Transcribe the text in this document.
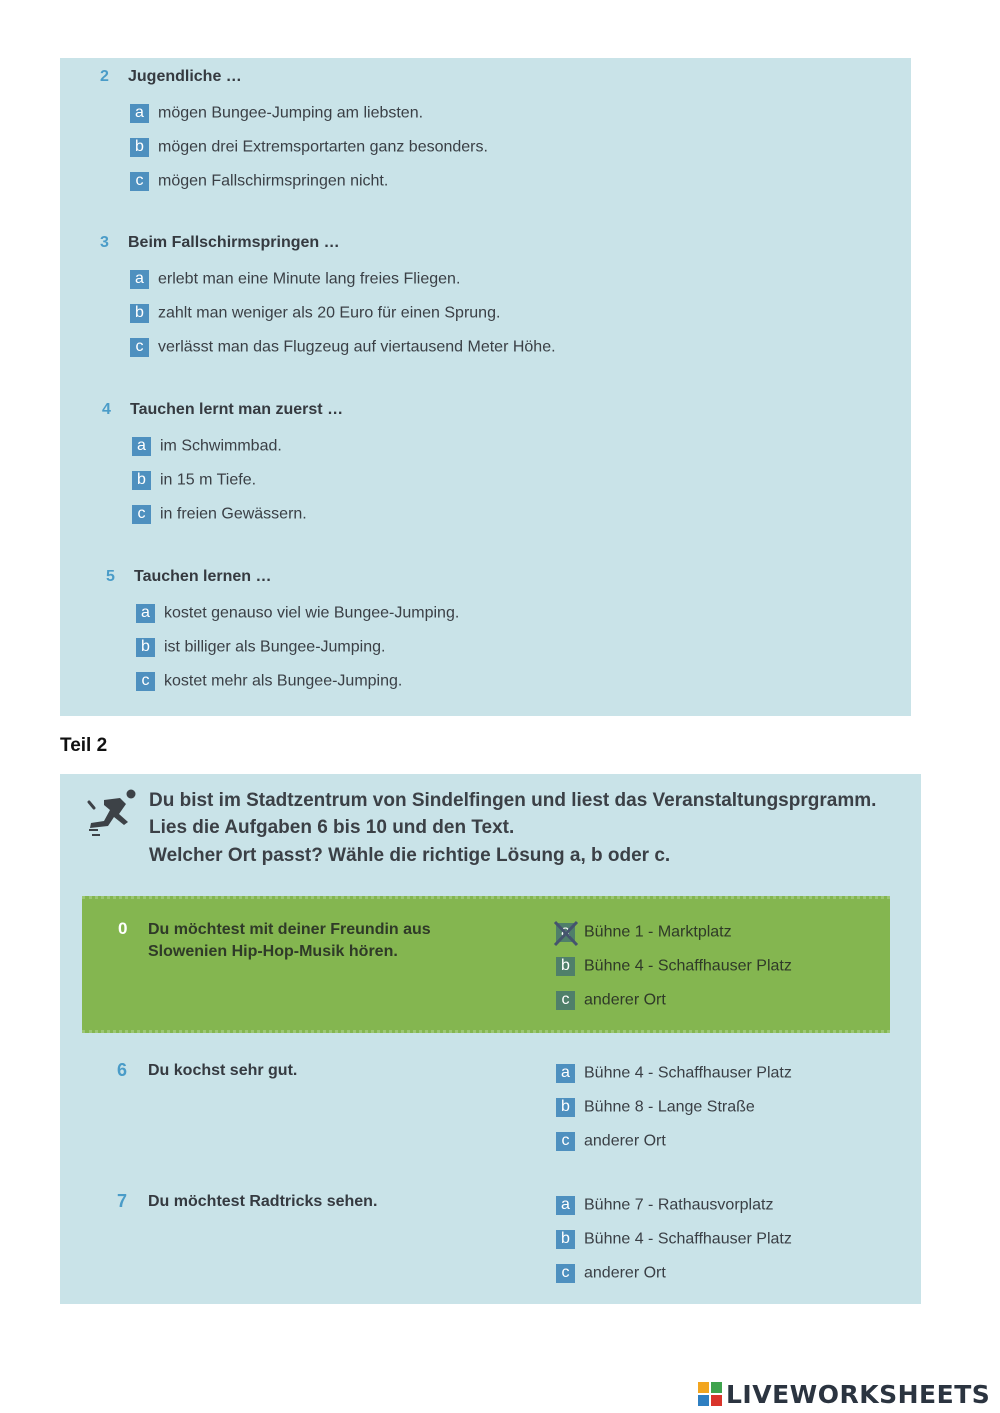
2	Jugendliche …
a mögen Bungee-Jumping am liebsten.
b mögen drei Extremsportarten ganz besonders.
c mögen Fallschirmspringen nicht.
3	Beim Fallschirmspringen …
a erlebt man eine Minute lang freies Fliegen.
b zahlt man weniger als 20 Euro für einen Sprung.
c verlässt man das Flugzeug auf viertausend Meter Höhe.
4	Tauchen lernt man zuerst …
a im Schwimmbad.
b in 15 m Tiefe.
c in freien Gewässern.
5	Tauchen lernen …
a kostet genauso viel wie Bungee-Jumping.
b ist billiger als Bungee-Jumping.
c kostet mehr als Bungee-Jumping.
Teil 2
Du bist im Stadtzentrum von Sindelfingen und liest das Veranstaltungsprgramm.
Lies die Aufgaben 6 bis 10 und den Text.
Welcher Ort passt? Wähle die richtige Lösung a, b oder c.
0 Du möchtest mit deiner Freundin aus
Slowenien Hip-Hop-Musik hören.
Bühne 1 - Marktplatz
b Bühne 4 - Schaffhauser Platz
c anderer Ort
6 Du kochst sehr gut.	a Bühne 4 - Schaffhauser Platz
b Bühne 8 - Lange Straße
c anderer Ort
7 Du möchtest Radtricks sehen.	a Bühne 7 - Rathausvorplatz
b Bühne 4 - Schaffhauser Platz
c anderer Ort
LIVEWORKSHEETS
